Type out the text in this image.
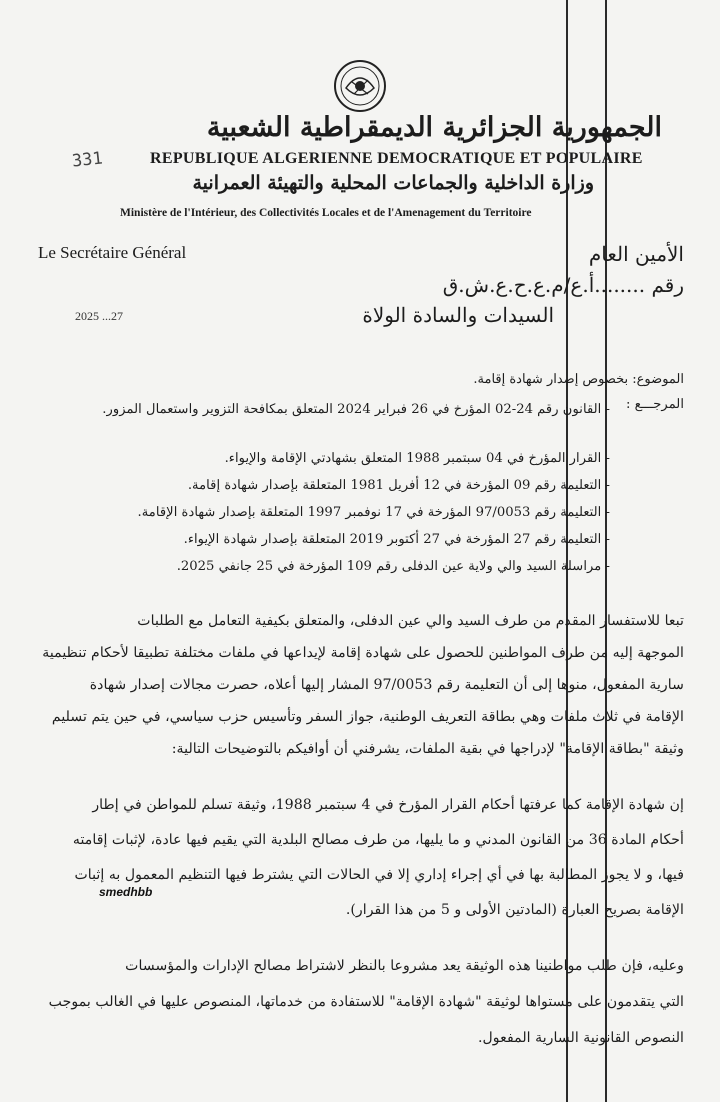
الجمهورية الجزائرية الديمقراطية الشعبية
331	REPUBLIQUE ALGERIENNE DEMOCRATIQUE ET POPULAIRE
وزارة الداخلية والجماعات المحلية والتهيئة العمرانية
Ministère de l'Intérieur, des Collectivités Locales et de l'Amenagement du Territoire
Le Secrétaire Général	الأمين العام
رقم ........أ.ع/م.ع.ح.ع.ش.ق
2025 ...27	السيدات والسادة الولاة
الموضوع: بخصوص إصدار شهادة إقامة.
المرجـــع :
- القانون رقم 24-02 المؤرخ في 26 فبراير 2024 المتعلق بمكافحة التزوير واستعمال المزور.
- القرار المؤرخ في 04 سبتمبر 1988 المتعلق بشهادتي الإقامة والإيواء.
- التعليمة رقم 09 المؤرخة في 12 أفريل 1981 المتعلقة بإصدار شهادة إقامة.
- التعليمة رقم 97/0053 المؤرخة في 17 نوفمبر 1997 المتعلقة بإصدار شهادة الإقامة.
- التعليمة رقم 27 المؤرخة في 27 أكتوبر 2019 المتعلقة بإصدار شهادة الإيواء.
- مراسلة السيد والي ولاية عين الدفلى رقم 109 المؤرخة في 25 جانفي 2025.
تبعا للاستفسار المقدم من طرف السيد والي عين الدفلى، والمتعلق بكيفية التعامل مع الطلبات
الموجهة إليه من طرف المواطنين للحصول على شهادة إقامة لإيداعها في ملفات مختلفة تطبيقا لأحكام تنظيمية
سارية المفعول، منوها إلى أن التعليمة رقم 97/0053 المشار إليها أعلاه، حصرت مجالات إصدار شهادة
الإقامة في ثلاث ملفات وهي بطاقة التعريف الوطنية، جواز السفر وتأسيس حزب سياسي، في حين يتم تسليم
وثيقة "بطاقة الإقامة" لإدراجها في بقية الملفات، يشرفني أن أوافيكم بالتوضيحات التالية:
إن شهادة الإقامة كما عرفتها أحكام القرار المؤرخ في 4 سبتمبر 1988، وثيقة تسلم للمواطن في إطار
أحكام المادة 36 من القانون المدني و ما يليها، من طرف مصالح البلدية التي يقيم فيها عادة، لإثبات إقامته
فيها، و لا يجوز المطالبة بها في أي إجراء إداري إلا في الحالات التي يشترط فيها التنظيم المعمول به إثبات
الإقامة بصريح العبارة (المادتين الأولى و 5 من هذا القرار).
smedhbb
وعليه، فإن طلب مواطنينا هذه الوثيقة يعد مشروعا بالنظر لاشتراط مصالح الإدارات والمؤسسات
التي يتقدمون على مستواها لوثيقة "شهادة الإقامة" للاستفادة من خدماتها، المنصوص عليها في الغالب بموجب
النصوص القانونية السارية المفعول.
